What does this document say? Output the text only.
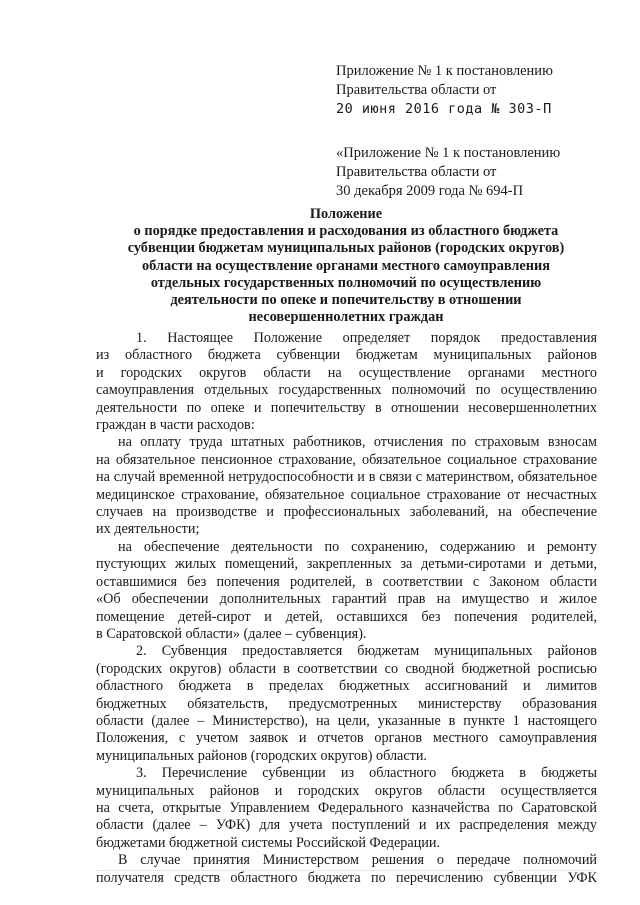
Приложение № 1 к постановлению
Правительства области от
20 июня 2016 года № 303-П
«Приложение № 1 к постановлению
Правительства области от
30 декабря 2009 года № 694-П
Положение
о порядке предоставления и расходования из областного бюджета
субвенции бюджетам муниципальных районов (городских округов)
области на осуществление органами местного самоуправления
отдельных государственных полномочий по осуществлению
деятельности по опеке и попечительству в отношении
несовершеннолетних граждан
1. Настоящее Положение определяет порядок предоставления
из областного бюджета субвенции бюджетам муниципальных районов
и городских округов области на осуществление органами местного
самоуправления отдельных государственных полномочий по осуществлению
деятельности по опеке и попечительству в отношении несовершеннолетних
граждан в части расходов:
на оплату труда штатных работников, отчисления по страховым взносам
на обязательное пенсионное страхование, обязательное социальное страхование
на случай временной нетрудоспособности и в связи с материнством, обязательное
медицинское страхование, обязательное социальное страхование от несчастных
случаев на производстве и профессиональных заболеваний, на обеспечение
их деятельности;
на обеспечение деятельности по сохранению, содержанию и ремонту
пустующих жилых помещений, закрепленных за детьми-сиротами и детьми,
оставшимися без попечения родителей, в соответствии с Законом области
«Об обеспечении дополнительных гарантий прав на имущество и жилое
помещение детей-сирот и детей, оставшихся без попечения родителей,
в Саратовской области» (далее – субвенция).
2. Субвенция предоставляется бюджетам муниципальных районов
(городских округов) области в соответствии со сводной бюджетной росписью
областного бюджета в пределах бюджетных ассигнований и лимитов
бюджетных обязательств, предусмотренных министерству образования
области (далее – Министерство), на цели, указанные в пункте 1 настоящего
Положения, с учетом заявок и отчетов органов местного самоуправления
муниципальных районов (городских округов) области.
3. Перечисление субвенции из областного бюджета в бюджеты
муниципальных районов и городских округов области осуществляется
на счета, открытые Управлением Федерального казначейства по Саратовской
области (далее – УФК) для учета поступлений и их распределения между
бюджетами бюджетной системы Российской Федерации.
В случае принятия Министерством решения о передаче полномочий
получателя средств областного бюджета по перечислению субвенции УФК
